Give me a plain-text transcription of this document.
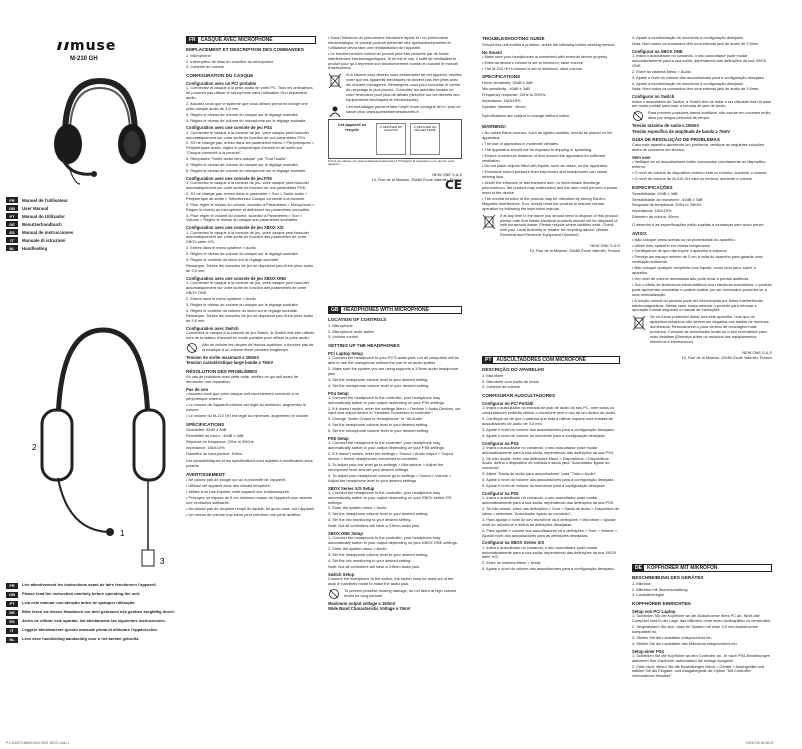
muse
M-210 GH
FR	Manuel de l'utilisateur
GB	User Manual
PT	Manual do Utilizador
DE	Benutzerhandbuch
ES	Manual de instrucciones
IT	Manuale di istruzioni
NL	Handleiding
1
2
3
FR	Lire attentivement les instructions avant de faire fonctionner l'appareil.
GB	Please read the instruction carefully before operating the unit.
PT	Leia este manual com atenção antes de qualquer utilização.
DE	Bitte lesen sie dieses Handbuch vor dem gebrauch des gerätes sorgfältig durch.
ES	Antes de utilizar este aparato, lea atentamente las siguientes instrucciones.
IT	Leggere attentamente questo manuale prima di utilizzare l'apparecchio.
NL	Lees deze handleiding aandachtig voor u het toestel gebruikt.
FR	CASQUE AVEC MICROPHONE
EMPLACEMENT ET DESCRIPTION DES COMMANDES
1. Microphone
2. Interrupteur de mise en sourdine du microphone
3. Contrôle du volume
CONFIGURATION DU CASQUE
Configuration avec un PC/ portable
1. Connectez le casque à la prise audio de votre PC. Tous les ordinateurs ne pourront pas utiliser le microphone sans l'utilisation d'un séparateur audio.
2. Assurez-vous que le système que vous utilisez prend en charge une prise casque audio de 3,5 mm.
3. Réglez le niveau de volume du casque sur le réglage souhaité.
4. Réglez le niveau de volume du microphone sur le réglage souhaité.
Configuration avec une console de jeu PS4
1. Connectez le casque à la console de jeu, votre casque peut basculer automatiquement sur votre sortie en fonction de vos paramètres PS4.
2. S'il ne change pas, entrez dans les paramètres Menu > Périphériques > Périphériques audio, réglez le périphérique d'entrée et de sortie sur "Casque connecté à la console".
3. Remplacez "Sortie audio vers casque" par "Tout l'audio".
4. Réglez le niveau de volume du casque sur le réglage souhaité.
5. Réglez le niveau de volume du microphone sur le réglage souhaité.
Configuration avec une console de jeu PS5
1. Connectez le casque à la console de jeu, votre casque peut basculer automatiquement sur votre sortie en fonction de vos paramètres PS5.
2. S'il ne change pas, entrez dans le paramètre > Son > Sortie audio > Périphérique de sortie > Sélectionnez Casque connecté à la console.
3. Pour régler le niveau du volume, accédez à Paramètres > Microphone > Réglez le niveau du microphone et définissez les paramètres souhaités.
4. Pour régler le volume du volume, accédez à Paramètres > Son > Volume > Réglez le niveau du casque aux paramètres souhaités.
Configuration avec une console de jeu XBOX X/S
1. Connectez le casque à la console de jeu, votre casque peut basculer automatiquement sur votre sortie en fonction des paramètres de votre XBOX série X/S.
2. Entrez dans le menu système > Audio
3. Réglez le niveau de volume du casque sur le réglage souhaité.
4. Réglez le contrôle du micro sur le réglage souhaité.
Remarque: Toutes les consoles de jeu ne disposent pas d'une prise audio de 3,5 mm.
Configuration avec une console de jeu XBOX ONE
1. Connectez le casque à la console de jeu, votre casque peut basculer automatiquement sur votre sortie en fonction des paramètres de votre XBOX ONE.
2. Entrez dans le menu système > Audio
3. Réglez le niveau de volume du casque sur le réglage souhaité.
4. Réglez le contrôle du volume du micro sur le réglage souhaité.
Remarque: Toutes les consoles de jeu ne disposent pas d'une prise audio de 3,5 mm.
Configuration avec Switch
Connectez le casque à la console de jeu Switch, le Switch doit être utilisée hors de la station d'accueil en mode portable pour utiliser la prise audio.
Afin de réduire les risques de lésions auditives, n'écoutez pas de la musique à un volume élevé pendant longtemps.
Tension de sortie maximum ≤ 150mV
Tension caractéristique large bande ≥ 75mV
RÉSOLUTION DES PROBLÈMES
En cas de problème avec cette unité, vérifiez ce qui suit avant de demander une réparation.
Pas de son
• Assurez-vous que votre casque soit correctement connecté à un périphérique externe.
• Le volume de l'appareil externe est réglé au minimum, augmentez le volume.
• Le volume du M-210 GH est réglé au minimum, augmentez le volume.
SPÉCIFICATIONS
Sensibilité: 92dB ± 3dB
Sensibilité du micro: -40dB ± 3dB
Réponse en fréquence: 20Hz to 20KHz
Impédance: 16Ω±15%
Diamètre du haut-parleur: 40mm
Les caractéristiques et les spécifications sont sujettes à modification sans préavis.
AVERTISSEMENT:
• Ne placez pas de bougie sur ou à proximité de l'appareil.
• Utilisez cet appareil dans des climats tempérés.
• Veillez à ne pas exposer votre appareil aux éclaboussures.
• Prévoyez un espace de 5 cm minimum autour de l'appareil pour assurer une ventilation suffisante.
• Ne placez pas de récipient rempli de liquide, tel qu'un vase, sur l'appareil.
• Un niveau de volume trop élevé peut entraîner une perte auditive.
• Sous l'influence du phénomène transitoire rapide et / ou phénomène électrostatique, le produit pourrait présenter des dysfonctionnements et l'utilisateur devra faire une réinitialisation de l'appareil.
• Le fonctionnement normal du produit peut être perturbé par de fortes interférences électromagnétiques. Si tel est le cas, il suffit de réinitialiser le produit pour qu'il reprenne son fonctionnement normal en suivant le manuel d'instructions.
Si à l'avenir vous désirez vous débarrasser de cet appareil, veuillez noter que les appareils électriques ne doivent pas être jetés avec les ordures ménagères. Renseignez-vous pour connaître le centre de recyclage le plus proche. Consultez les autorités locales ou votre revendeur pour plus de détails (directive sur les déchets des équipements électriques et électroniques).
Ces emballages peuvent faire l'objet d'une consigne de tri, pour en savoir plus: www.quefairedemesdechets.fr
Cet appareil se recycle	À DÉPOSER EN MAGASIN
À DÉPOSER EN DÉCHETTERIE
Points de collecte sur www.quefairedemesdechets.fr Privilégiez la réparation ou le don de votre appareil !
NEW ONE S.A.S
10, Rue de la Mission, 25480 École Valentin, France
CE
GB	HEADPHONES WITH MICROPHONE
LOCATION OF CONTROLS
1. Microphone
2. Microphone mute switch
3. Volume control
SETTING UP THE HEADPHONES
PC/ Laptop Setup
1. Connect the headphone to your PC'S audio jack; not all computers will be able to use the microphone without the use of an audio splitter.
2. Make sure the system you are using supports a 3.5mm audio headphone jack.
3. Set the headphone volume level to your desired setting.
4. Set the microphone volume level to your desired setting.
PS4 Setup
1. Connect the headphone to the controller, your headphone may automatically switch to your output depending on your PS4 settings.
2. If it doesn't switch, enter the settings Menu > Devices > Audio Devices, set input and output device to "Headset Connected to controller".
3. Change "Audio Output to Headphones" to "All Audio."
4. Set the headphone volume level to your desired setting.
5. Set the microphone volume level to your desired setting.
PS5 Setup
1. Connect the headphone to the controller, your headphone may automatically switch to your output depending on your PS5 settings.
2. If it doesn't switch, enter the settings > Sound > Audio output > Output device > Select headphones connected to controller.
3. To adjust your mic level go to settings > Microphone > Adjust the microphone level and set your desired settings.
4. To adjust your headphone volume go to settings > Sound > Volume > Adjust the headphone level to your desired settings.
XBOX Series X/S Setup
1. Connect the headphone to the controller, your headphone may automatically switch to your output depending on your XBOX series X/S settings.
2. Enter the system menu > Audio
3. Set the headphone volume level to your desired setting.
4. Set the mic monitoring to your desired setting.
Note: Not all controllers will have a 3.5mm audio jack.
XBOX ONE Setup
1. Connect the headphone to the controller, your headphone may automatically switch to your output depending on your XBOX ONE settings.
2. Enter the system menu > Audio
3. Set the headphone volume level to your desired setting.
4. Set the mic monitoring to your desired setting.
Note: Not all controllers will have a 3.5mm audio jack.
Switch Setup
Connect the headphone to the switch, the switch must be used out of the dock in handheld mode to make the audio jack.
To prevent possible hearing damage, do not listen at high volume levels for long periods.
Maximum output voltage ≤ 150mV
Wide Band Characteristic Voltage ≥ 75mV
TROUBLESHOOTING GUIDE
Should this unit exhibit a problem, check the following before seeking service:
No Sound
• Make sure your headphones is connected with external device properly.
• External device's volume is set to minimum; raise volume.
• The M-210 GH's volume is set to minimum; raise volume.
SPECIFICATIONS
Driver sensitivity: 92dB ± 3dB
Mic sensitivity: -40dB ± 3dB
Frequency response: 20Hz to 20KHz
Impedance: 16Ω±15%
Speaker diameter: 40mm
Specifications are subject to change without notice.
WARNING!
• No naked flame sources, such as lighted candles, should be placed on the apparatus.
• The use of apparatus in moderate climates.
• The apparatus should not be exposed to dripping or splashing.
• Ensure a minimum distance of 5cm around the apparatus for sufficient ventilation.
• Do not place objects filled with liquids, such as vases, on the apparatus.
• Excessive sound pressure from earphones and headphones can cause hearing loss.
• Under the influence of fast transient and / or electrostatic discharge phenomenon, the product may malfunction and the user must perform a power reset of the device.
• The normal function of the product may be disturbed by strong Electro-Magnetic Interference. If so, simply reset the product to resume normal operation by following the instruction manual.
If at any time in the future you should need to dispose of this product please note that Waste electrical products should not be disposed of with household waste. Please recycle where facilities exist. Check with your Local Authority or retailer for recycling advice. (Waste Electrical and Electronic Equipment Directive)
NEW ONE S.A.S
10, Rue de la Mission, 25480 École Valentin, France
PT	AUSCULTADORES COM MICROFONE
DESCRIÇÃO DO APARELHO
1. Microfone
2. Microfone com botão de mudo
3. Controlo de volume
CONFIGURAR AUSCULTADORES
Configurar no PC/ Portátil
1. Insira o auscultador na entrada de jack de áudio do seu PC, nem todos os computadores poderão utilizar o microfone sem o uso de um divisor de áudio.
2. Certifique-se de que o sistema que está a utilizar suporta uma tomada de auscultadores de áudio de 3,5 mm.
3. Ajuste o nível do volume dos auscultadores para a configuração desejada.
4. Ajuste o nível de volume do microfone para a configuração desejada.
Configurar na PS4
1. Insira o auscultador no comando, o seu auscultador pode mudar automaticamente para a sua saída, dependendo das definições da sua PS4.
2. Se não mudar, entre nas definições Menu > Dispositivos > Dispositivos Áudio, defina o dispositivo de entrada e saída para "Auscultador ligado ao comando".
3. Altere "Saída de áudio para auscultadores" para "Todo o Áudio".
4. Ajuste o nível do volume dos auscultadores para a configuração desejada.
5. Ajuste o nível de volume do microfone para a configuração desejada.
Configurar na PS5
1. Insira o auscultador no comando, o seu auscultador pode mudar automaticamente para a sua saída, dependendo das definições da sua PS5.
2. Se não mudar, entre nas definições > Som > Saída de áudio > Dispositivo de saída > selecione "Auscultador ligado ao comando".
3. Para ajustar o nível do seu microfone vá a definições > Microfone > Ajustar nível do microfone e defina as definições desejadas.
4. Para ajustar o volume dos auscultadores vá a definições > Som > Volume > Ajustar nível dos auscultadores para as definições desejadas.
Configurar na XBOX Series X/S
1. Insira o auscultador no comando, o seu auscultador pode mudar automaticamente para a sua saída, dependendo das definições da sua XBOX série X/S.
2. Entre no sistema Menu > Áudio
3. Ajuste o nível do volume dos auscultadores para a configuração desejada.
4. Ajuste a monitorização do microfone à configuração desejada.
Nota: Nem todos os comandos têm uma entrada jack de áudio de 3,5mm.
Configurar na XBOX ONE
1. Insira o auscultador no comando, o seu auscultador pode mudar automaticamente para a sua saída, dependendo das definições da sua XBOX ONE.
2. Entre no sistema Menu > Áudio
3. Ajuste o nível do volume dos auscultadores para a configuração desejada.
4. Ajuste a monitorização do microfone à configuração desejada.
Nota: Nem todos os comandos têm uma entrada jack de áudio de 3,5mm.
Configurar no Switch
Insira o auscultador ao Switch, a Switch tem de estar a ser utilizada fora da base em modo portátil para usar a entrada de jack de áudio.
Para prevenir possíveis danos auditivos, não escute em volumes muito altos por longos períodos de tempo.
Tensão máxima de saída ≤ 150mV
Tensão específica de amplitude de banda ≥ 75mV
GUIA DE RESOLUÇÃO DE PROBLEMAS
Caso este aparelho apresente um problema, verifique as seguintes soluções antes de contactar um técnico:
Sem som
• Verifique se os auscultadores estão conectados corretamente ao dispositivo externo.
• O nível de volume do dispositivo externo está no mínimo; aumente o volume.
• O nível de volume do M-210 GH está no mínimo; aumente o volume.
ESPECIFICAÇÕES
Sensibilidade: 92dB ± 3dB
Sensibilidade do microfone: -40dB ± 3dB
Resposta de frequência: 20Hz to 20KHz
Impedância: 16Ω±15%
Diâmetro da coluna: 40mm
O desenho e as especificações estão sujeitas a mudanças sem aviso prévio.
AVISO:
• Não coloque velas acesas ou na proximidade do aparelho.
• Utilize este aparelho em climas temperados.
• Certifique-se de que não expõe o aparelho a salpicos.
• Preveja um espaço mínimo de 5 cm à volta do aparelho para garantir uma ventilação suficiente.
• Não coloque qualquer recipiente com líquido, como uma jarra, sobre o aparelho.
• Um nível de volume demasiado alto pode levar a perdas auditivas.
• Sob o efeito de fenómenos electrostáticos e/ou eléctricos transitórios, o produto pode apresentar anomalias e poderá acabar por ser necessário proceder-se a uma reinicialização.
• A função normal do produto pode ser interrompida por fortes interferências electromagnéticas. Nesse caso, basta reiniciar o produto para retomar a operação normal seguindo o manual de instruções.
Se no futuro pretender deitar fora este aparelho, note que os aparelhos eléctricos não devem ser largados nos baldes de resíduos domésticos. Reencaminhe-o para centros de reciclagem mais próximos. Consulte as autoridades locais ou o seu revendedor para mais detalhes (Directiva sobre os resíduos dos equipamentos eléctricos e electrónicos).
NEW ONE S.A.S
10, Rue de la Mission, 25480 École Valentin, France
DE	KOPFHÖRER MIT MIKROFON
BESCHREIBUNG DES GERÄTES
1. Mikrofon
2. Mikrofon mit Stummschaltung
3. Lautstärkeregler
KOPFHÖRER EINRICHTEN
Setup von PC/ Laptop
1. Schließen Sie die Kopfhörer an die Audiobuchse Ihres PC an. Nicht alle Computer sind in der Lage, das Mikrofon ohne einen Audiosplitter zu verwenden.
2. Vergewissern Sie sich, dass Ihr System mit einer 3,5 mm Audiobuchse kompatibel ist.
3. Stellen Sie die Lautstärke entsprechend ein.
4. Stellen Sie die Lautstärke des Mikrofons entsprechend ein.
Setup einer PS4
1. Schließen Sie die Kopfhörer an den Controller an. Je nach PS4-Einstellungen aktivieren Ihre Kopfhörer automatisch die richtige Ausgabe.
2. Falls nicht, öffnen Sie die Einstellungen Menü > Geräte > Audiogeräte und wählen Sie als Eingabe- und Ausgabegerät die Option "Mit Controller verbundenes Headset".
P.I-315473 BM210GH 2021 DEV1.indd 1	2022/7/8 16:46:37
